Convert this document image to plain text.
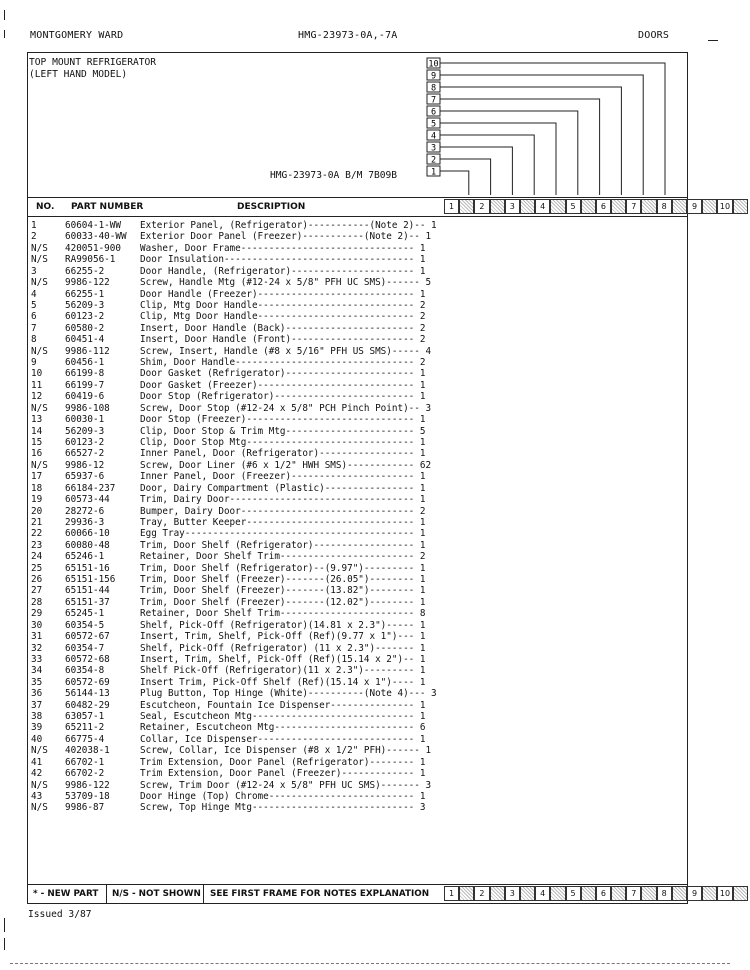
MONTGOMERY WARD	HMG-23973-0A,-7A	DOORS
TOP MOUNT REFRIGERATOR
(LEFT HAND MODEL)
HMG-23973-0A B/M 7B09B
10
9
8
7
6
5
4
3
2
1
NO. PART NUMBER	DESCRIPTION	1	2	3	4	5	6	7	8	9	10
1	60604-1-WW Exterior Panel, (Refrigerator)-----------(Note 2)-- 1
2	60033-40-WW Exterior Door Panel (Freezer)-----------(Note 2)-- 1
N/S 420051-900 Washer, Door Frame------------------------------- 1
N/S RA99056-1	Door Insulation---------------------------------- 1
3	66255-2	Door Handle, (Refrigerator)---------------------- 1
N/S 9986-122	Screw, Handle Mtg (#12-24 x 5/8" PFH UC SMS)------ 5
4	66255-1	Door Handle (Freezer)---------------------------- 1
5	56209-3	Clip, Mtg Door Handle---------------------------- 2
6	60123-2	Clip, Mtg Door Handle---------------------------- 2
7	60580-2	Insert, Door Handle (Back)----------------------- 2
8	60451-4	Insert, Door Handle (Front)---------------------- 2
N/S 9986-112	Screw, Insert, Handle (#8 x 5/16" PFH US SMS)----- 4
9	60456-1	Shim, Door Handle-------------------------------- 2
10 66199-8	Door Gasket (Refrigerator)----------------------- 1
11 66199-7	Door Gasket (Freezer)---------------------------- 1
12 60419-6	Door Stop (Refrigerator)------------------------- 1
N/S 9986-108	Screw, Door Stop (#12-24 x 5/8" PCH Pinch Point)-- 3
13 60030-1	Door Stop (Freezer)------------------------------ 1
14 56209-3	Clip, Door Stop & Trim Mtg----------------------- 5
15 60123-2	Clip, Door Stop Mtg------------------------------ 1
16 66527-2	Inner Panel, Door (Refrigerator)----------------- 1
N/S 9986-12	Screw, Door Liner (#6 x 1/2" HWH SMS)------------ 62
17 65937-6	Inner Panel, Door (Freezer)---------------------- 1
18 66184-237	Door, Dairy Compartment (Plastic)---------------- 1
19 60573-44	Trim, Dairy Door--------------------------------- 1
20 28272-6	Bumper, Dairy Door------------------------------- 2
21 29936-3	Tray, Butter Keeper------------------------------ 1
22 60066-10	Egg Tray----------------------------------------- 1
23 60080-48	Trim, Door Shelf (Refrigerator)------------------ 1
24 65246-1	Retainer, Door Shelf Trim------------------------ 2
25 65151-16	Trim, Door Shelf (Refrigerator)--(9.97")--------- 1
26 65151-156	Trim, Door Shelf (Freezer)-------(26.05")-------- 1
27 65151-44	Trim, Door Shelf (Freezer)-------(13.82")-------- 1
28 65151-37	Trim, Door Shelf (Freezer)-------(12.02")-------- 1
29 65245-1	Retainer, Door Shelf Trim------------------------ 8
30 60354-5	Shelf, Pick-Off (Refrigerator)(14.81 x 2.3")----- 1
31 60572-67	Insert, Trim, Shelf, Pick-Off (Ref)(9.77 x 1")--- 1
32 60354-7	Shelf, Pick-Off (Refrigerator) (11 x 2.3")------- 1
33 60572-68	Insert, Trim, Shelf, Pick-Off (Ref)(15.14 x 2")-- 1
34 60354-8	Shelf Pick-Off (Refrigerator)(11 x 2.3")--------- 1
35 60572-69	Insert Trim, Pick-Off Shelf (Ref)(15.14 x 1")---- 1
36 56144-13	Plug Button, Top Hinge (White)----------(Note 4)--- 3
37 60482-29	Escutcheon, Fountain Ice Dispenser--------------- 1
38 63057-1	Seal, Escutcheon Mtg----------------------------- 1
39 65211-2	Retainer, Escutcheon Mtg------------------------- 6
40 66775-4	Collar, Ice Dispenser---------------------------- 1
N/S 402038-1	Screw, Collar, Ice Dispenser (#8 x 1/2" PFH)------ 1
41 66702-1	Trim Extension, Door Panel (Refrigerator)-------- 1
42 66702-2	Trim Extension, Door Panel (Freezer)------------- 1
N/S 9986-122	Screw, Trim Door (#12-24 x 5/8" PFH UC SMS)------- 3
43 53709-18	Door Hinge (Top) Chrome-------------------------- 1
N/S 9986-87	Screw, Top Hinge Mtg----------------------------- 3
* - NEW PART N/S - NOT SHOWN SEE FIRST FRAME FOR NOTES EXPLANATION	1	2	3	4	5	6	7	8	9	10
Issued 3/87
